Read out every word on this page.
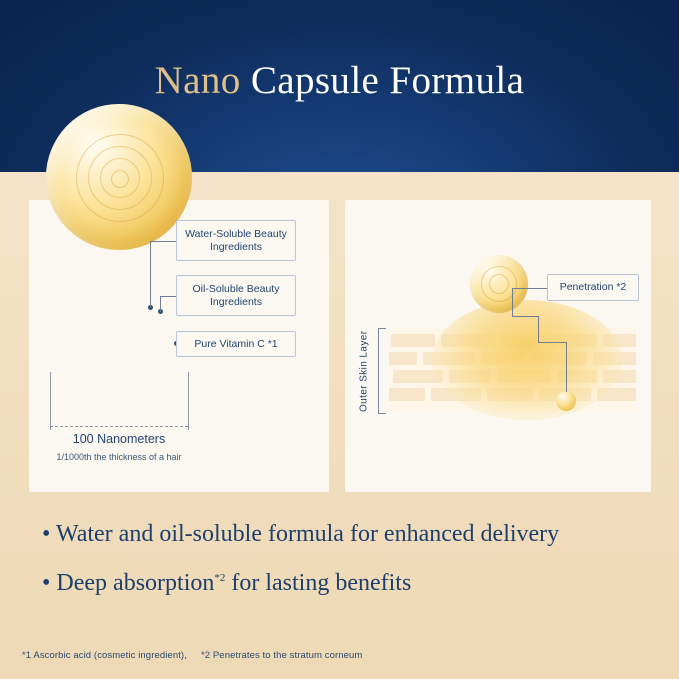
Nano Capsule Formula
Water-Soluble Beauty Ingredients
Oil-Soluble Beauty Ingredients
Pure Vitamin C *1
100 Nanometers
1/1000th the thickness of a hair
Outer Skin Layer
Penetration *2
• Water and oil-soluble formula for enhanced delivery
• Deep absorption$^{*2}$ for lasting benefits
*1 Ascorbic acid (cosmetic ingredient), *2 Penetrates to the stratum corneum
